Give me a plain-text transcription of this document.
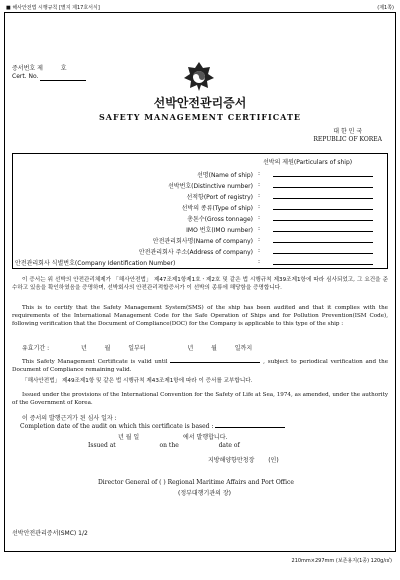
■ 해사안전법 시행규칙 [별지 제17호서식]	(제1쪽)
증서번호 제	호
Cert. No.
선박안전관리증서
SAFETY MANAGEMENT CERTIFICATE
대 한 민 국
REPUBLIC OF KOREA
선박의 제원(Particulars of ship)
선명(Name of ship) :
선박번호(Distinctive number) :
선적항(Port of registry) :
선박의 종류(Type of ship) :
총톤수(Gross tonnage) :
IMO 번호(IMO number) :
안전관리회사명(Name of company) :
안전관리회사 주소(Address of company) :
안전관리회사 식별번호(Company Identification Number)	:
이 증서는 위 선박의 안전관리체제가 「해사안전법」 제47조제1항제1호ㆍ제2호 및 같은 법 시행규칙 제39조제1항에 따라 심사되었고, 그 요건을 준수하고 있음을 확인하였음을 증명하며, 선박회사의 안전관리적합증서가 이 선박의 종류에 해당함을 증명합니다.
This is to certify that the Safety Management System(SMS) of the ship has been audited and that it complies with the requirements of the International Management Code for the Safe Operation of Ships and for Pollution Prevention(ISM Code), following verification that the Document of Compliance(DOC) for the Company is applicable to this type of the ship :
유효기간 :	년	월	일부터	년	월	일까지
This Safety Management Certificate is valid until	, subject to periodical verification and the Document of Compliance remaining valid.
「해사안전법」 제49조제1항 및 같은 법 시행규칙 제43조제1항에 따라 이 증서를 교부합니다.
Issued under the provisions of the International Convention for the Safety of Life at Sea, 1974, as amended, under the authority of the Government of Korea.
이 증서의 발행근거가 된 심사 일자 :
Completion date of the audit on which this certificate is based :
년 월 일	에서 발행합니다.
Issued at	on the	date of
지방해양항만청장 (인)
Director General of ( ) Regional Maritime Affairs and Port Office
(정부대행기관의 장)
선박안전관리증서(SMC) 1/2
210mm×297mm (보존용지(1종) 120g/㎡)
